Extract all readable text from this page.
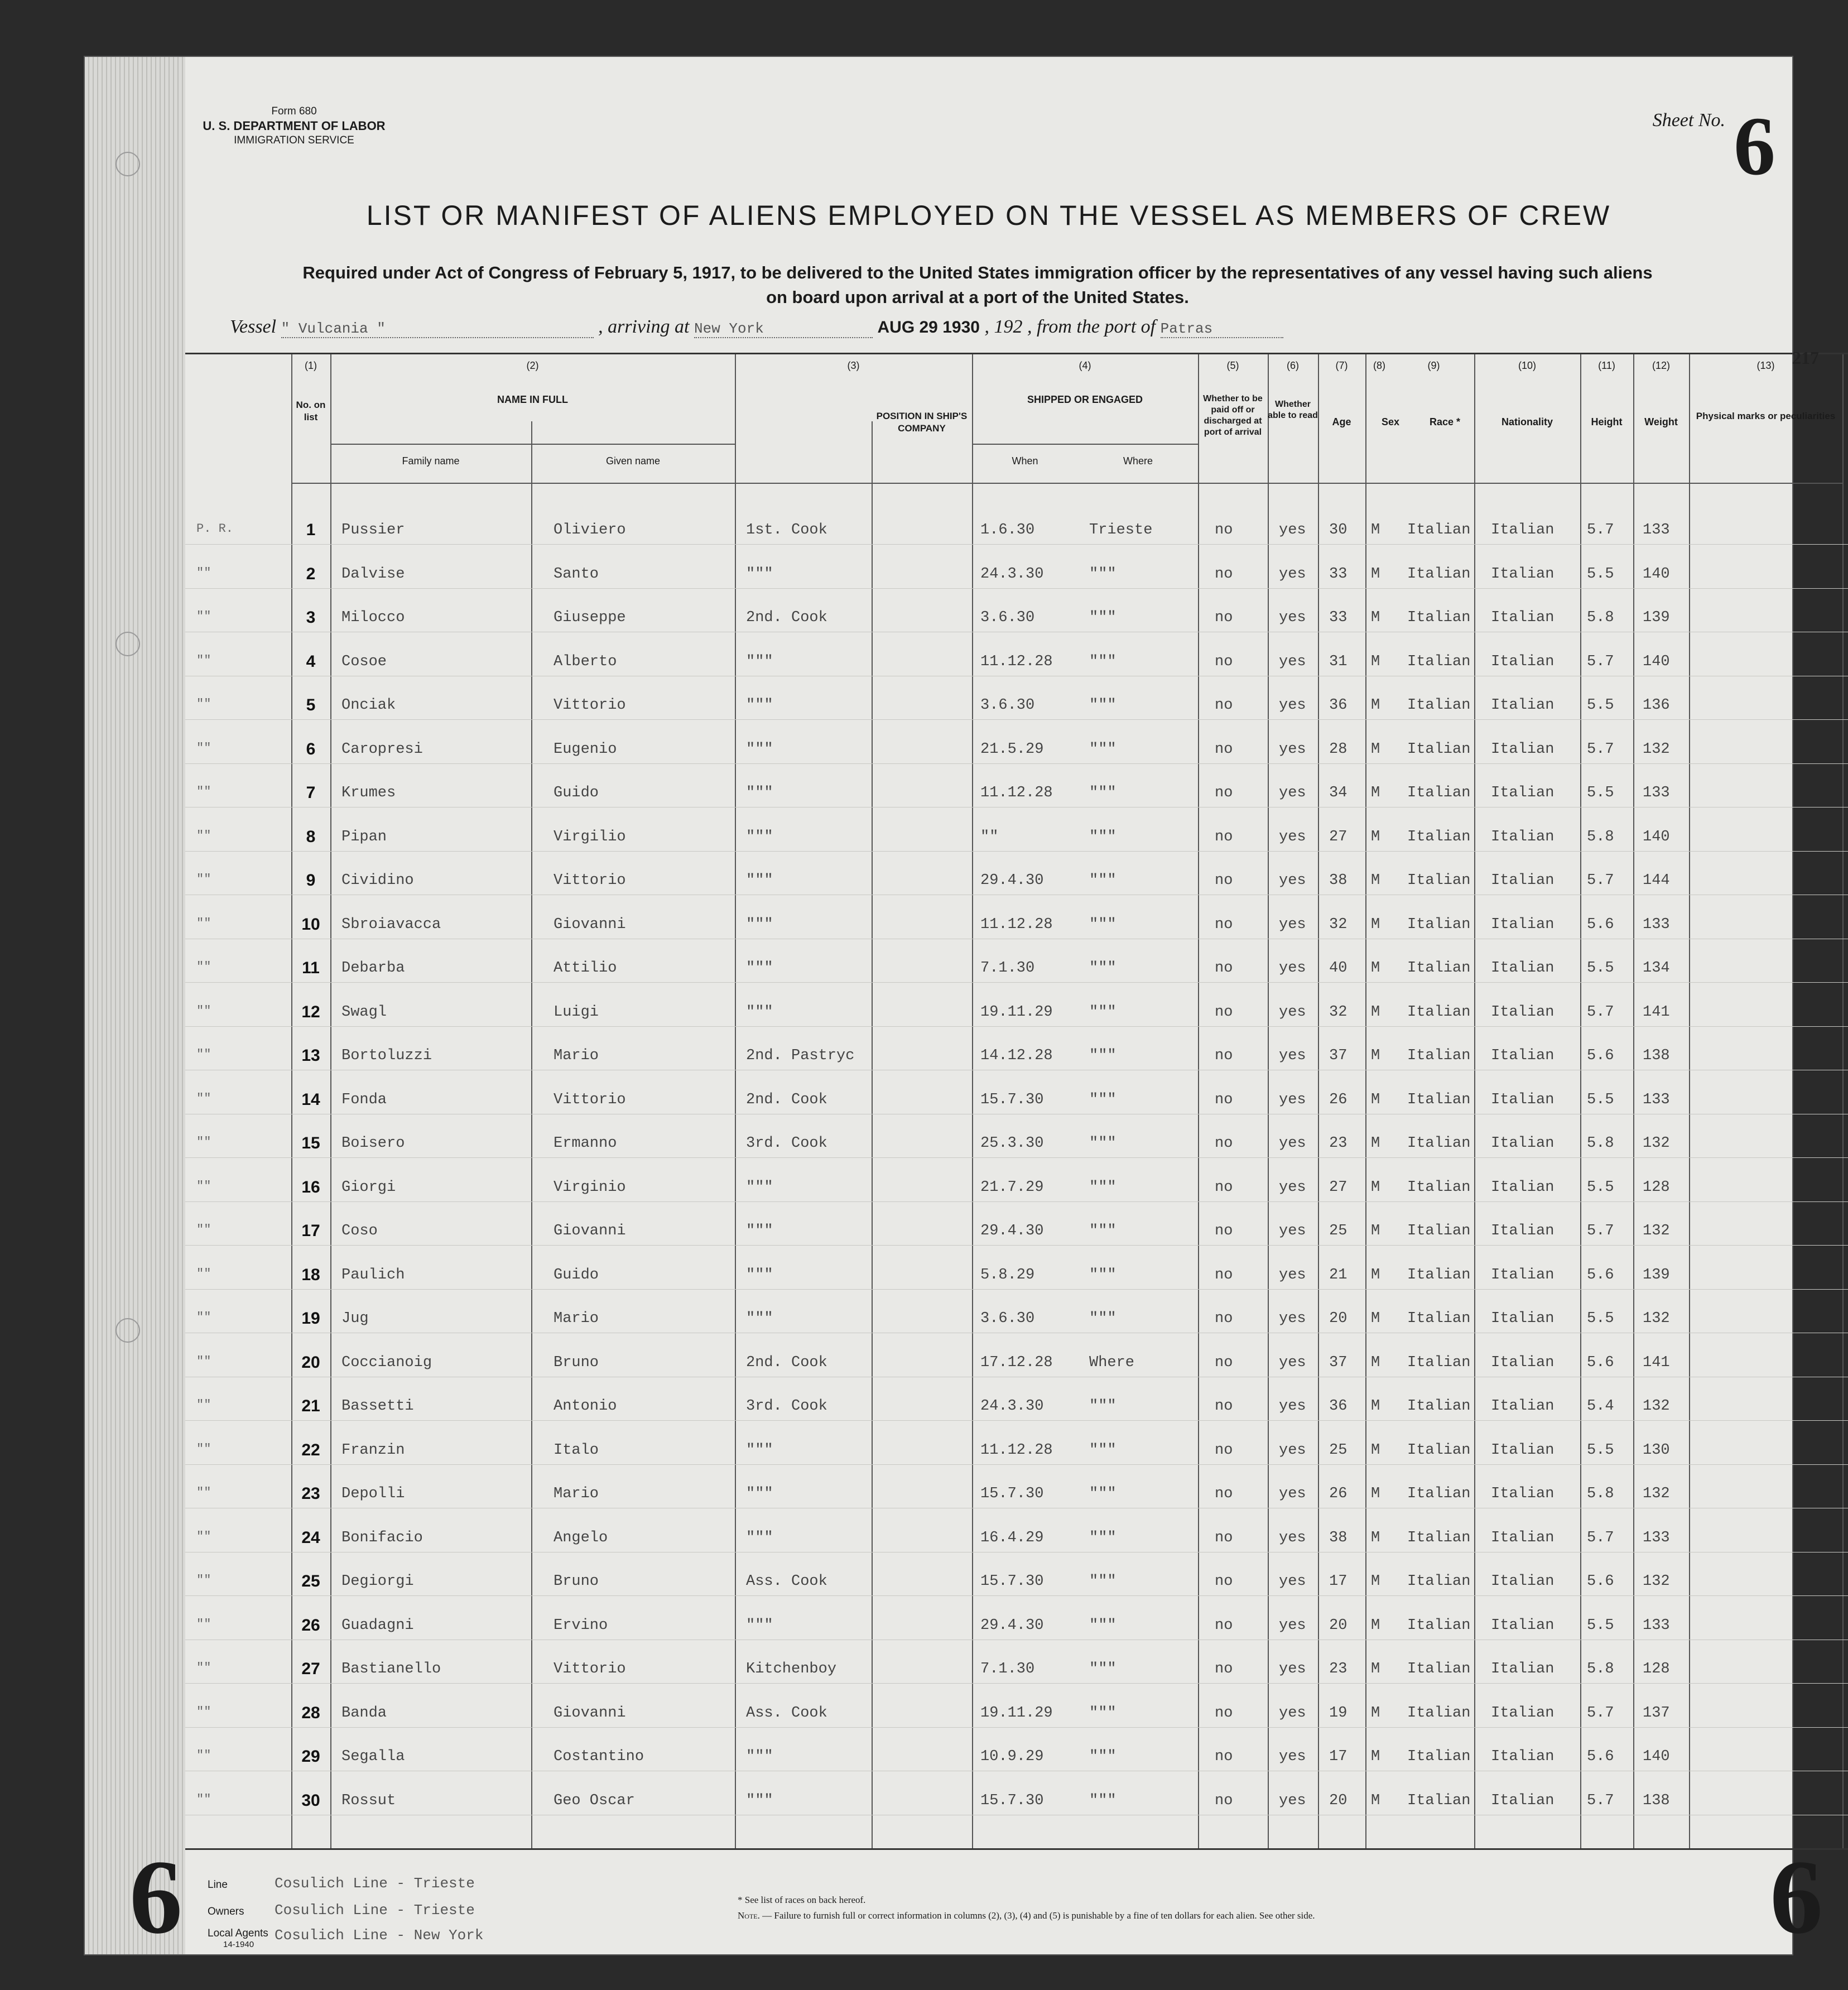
Form 680
U. S. DEPARTMENT OF LABOR
IMMIGRATION SERVICE
Sheet No. 6
LIST OR MANIFEST OF ALIENS EMPLOYED ON THE VESSEL AS MEMBERS OF CREW
Required under Act of Congress of February 5, 1917, to be delivered to the United States immigration officer by the representatives of any vessel having such aliens
on board upon arrival at a port of the United States.
Vessel " Vulcania "	, arriving at New York	AUG 29 1930 , 192 , from the port of Patras
217
(1)	(2)	(3)	(4)	(5)	(6)	(7)	(8)	(9)	(10)	(11)	(12)	(13)
No. on list
NAME IN FULL
Family name	Given name
POSITION IN SHIP'S COMPANY
SHIPPED OR ENGAGED
When	Where
Whether to be paid off or discharged at port of arrival
Whether able to read
Age	Sex	Race *	Nationality	Height	Weight
Physical marks or peculiarities
P. R.	1	Pussier	Oliviero	1st. Cook	1.6.30	Trieste	no	yes 30 M Italian Italian 5.7 133
""	2	Dalvise	Santo	"""	24.3.30	"""	no	yes 33 M Italian Italian 5.5 140
""	3	Milocco	Giuseppe	2nd. Cook	3.6.30	"""	no	yes 33 M Italian Italian 5.8 139
""	4	Cosoe	Alberto	"""	11.12.28 """	no	yes 31 M Italian Italian 5.7 140
""	5	Onciak	Vittorio	"""	3.6.30	"""	no	yes 36 M Italian Italian 5.5 136
""	6	Caropresi	Eugenio	"""	21.5.29	"""	no	yes 28 M Italian Italian 5.7 132
""	7	Krumes	Guido	"""	11.12.28 """	no	yes 34 M Italian Italian 5.5 133
""	8	Pipan	Virgilio	"""	""	"""	no	yes 27 M Italian Italian 5.8 140
""	9	Cividino	Vittorio	"""	29.4.30	"""	no	yes 38 M Italian Italian 5.7 144
""	10	Sbroiavacca	Giovanni	"""	11.12.28 """	no	yes 32 M Italian Italian 5.6 133
""	11	Debarba	Attilio	"""	7.1.30	"""	no	yes 40 M Italian Italian 5.5 134
""	12	Swagl	Luigi	"""	19.11.29 """	no	yes 32 M Italian Italian 5.7 141
""	13	Bortoluzzi	Mario	2nd. Pastryc	14.12.28 """	no	yes 37 M Italian Italian 5.6 138
""	14	Fonda	Vittorio	2nd. Cook	15.7.30	"""	no	yes 26 M Italian Italian 5.5 133
""	15	Boisero	Ermanno	3rd. Cook	25.3.30	"""	no	yes 23 M Italian Italian 5.8 132
""	16	Giorgi	Virginio	"""	21.7.29	"""	no	yes 27 M Italian Italian 5.5 128
""	17	Coso	Giovanni	"""	29.4.30	"""	no	yes 25 M Italian Italian 5.7 132
""	18	Paulich	Guido	"""	5.8.29	"""	no	yes 21 M Italian Italian 5.6 139
""	19	Jug	Mario	"""	3.6.30	"""	no	yes 20 M Italian Italian 5.5 132
""	20	Coccianoig	Bruno	2nd. Cook	17.12.28 Where	no	yes 37 M Italian Italian 5.6 141
""	21	Bassetti	Antonio	3rd. Cook	24.3.30	"""	no	yes 36 M Italian Italian 5.4 132
""	22	Franzin	Italo	"""	11.12.28 """	no	yes 25 M Italian Italian 5.5 130
""	23	Depolli	Mario	"""	15.7.30	"""	no	yes 26 M Italian Italian 5.8 132
""	24	Bonifacio	Angelo	"""	16.4.29	"""	no	yes 38 M Italian Italian 5.7 133
""	25	Degiorgi	Bruno	Ass. Cook	15.7.30	"""	no	yes 17 M Italian Italian 5.6 132
""	26	Guadagni	Ervino	"""	29.4.30	"""	no	yes 20 M Italian Italian 5.5 133
""	27	Bastianello	Vittorio	Kitchenboy	7.1.30	"""	no	yes 23 M Italian Italian 5.8 128
""	28	Banda	Giovanni	Ass. Cook	19.11.29 """	no	yes 19 M Italian Italian 5.7 137
""	29	Segalla	Costantino	"""	10.9.29	"""	no	yes 17 M Italian Italian 5.6 140
""	30	Rossut	Geo Oscar	"""	15.7.30	"""	no	yes 20 M Italian Italian 5.7 138
6 Line	Cosulich Line - Trieste
Owners Cosulich Line - Trieste
Local Agents
14-1940
Cosulich Line - New York
* See list of races on back hereof.
Note. — Failure to furnish full or correct information in columns (2), (3), (4) and (5) is punishable by a fine of ten dollars for each alien. See other side.	6
